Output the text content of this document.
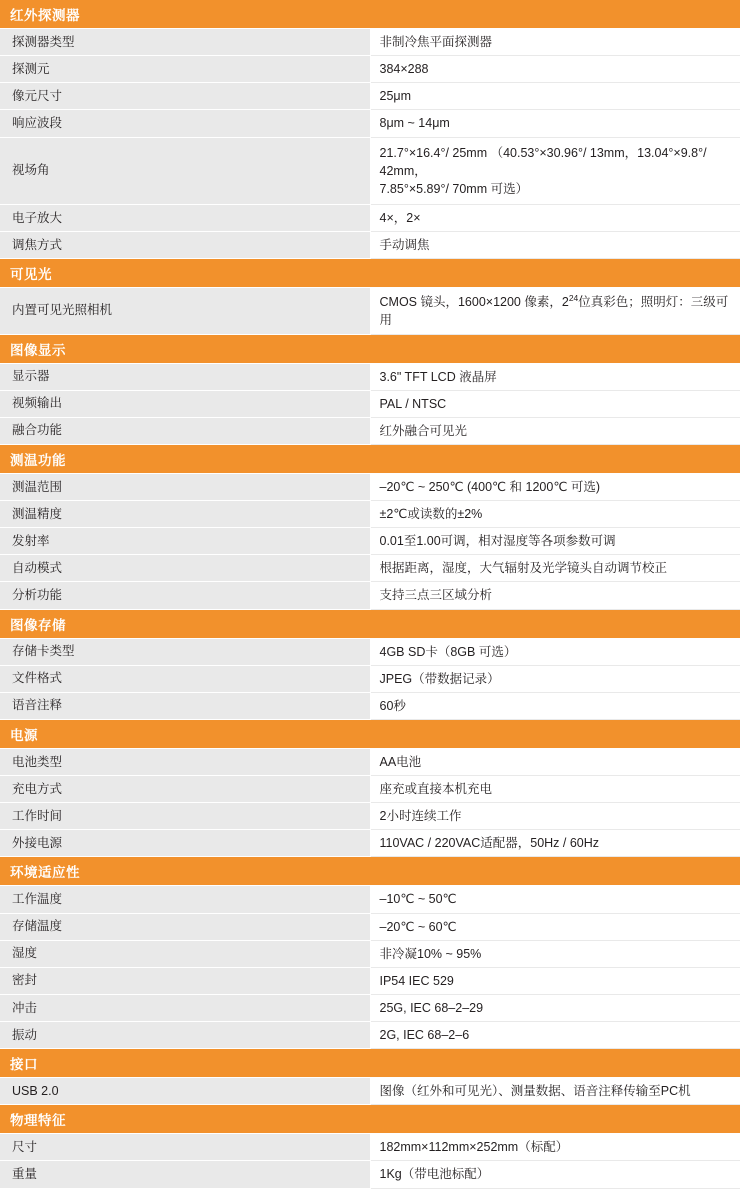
红外探测器	
探测器类型	非制冷焦平面探测器
探测元	384×288
像元尺寸	25μm
响应波段	8μm ~ 14μm
视场角	21.7°×16.4°/ 25mm （40.53°×30.96°/ 13mm，13.04°×9.8°/ 42mm，
7.85°×5.89°/ 70mm 可选）

电子放大	4×，2×
调焦方式	手动调焦
可见光	
内置可见光照相机	CMOS 镜头，1600×1200 像素，$2^{24}$位真彩色；照明灯：三级可用
图像显示	
显示器	3.6" TFT LCD 液晶屏
视频输出	PAL / NTSC
融合功能	红外融合可见光
测温功能	
测温范围	–20℃ ~ 250℃ (400℃ 和 1200℃ 可选)
测温精度	±2℃或读数的±2%
发射率	0.01至1.00可调，相对湿度等各项参数可调
自动模式	根据距离，湿度，大气辐射及光学镜头自动调节校正
分析功能	支持三点三区域分析
图像存储	
存储卡类型	4GB SD卡（8GB 可选）
文件格式	JPEG（带数据记录）
语音注释	60秒
电源	
电池类型	AA电池
充电方式	座充或直接本机充电
工作时间	2小时连续工作
外接电源	110VAC / 220VAC适配器，50Hz / 60Hz
环境适应性	
工作温度	–10℃ ~ 50℃
存储温度	–20℃ ~ 60℃
湿度	非冷凝10% ~ 95%
密封	IP54 IEC 529
冲击	25G, IEC 68–2–29
振动	2G, IEC 68–2–6
接口	
USB 2.0	图像（红外和可见光）、测量数据、语音注释传输至PC机
物理特征	
尺寸	182mm×112mm×252mm（标配）
重量	1Kg（带电池标配）
